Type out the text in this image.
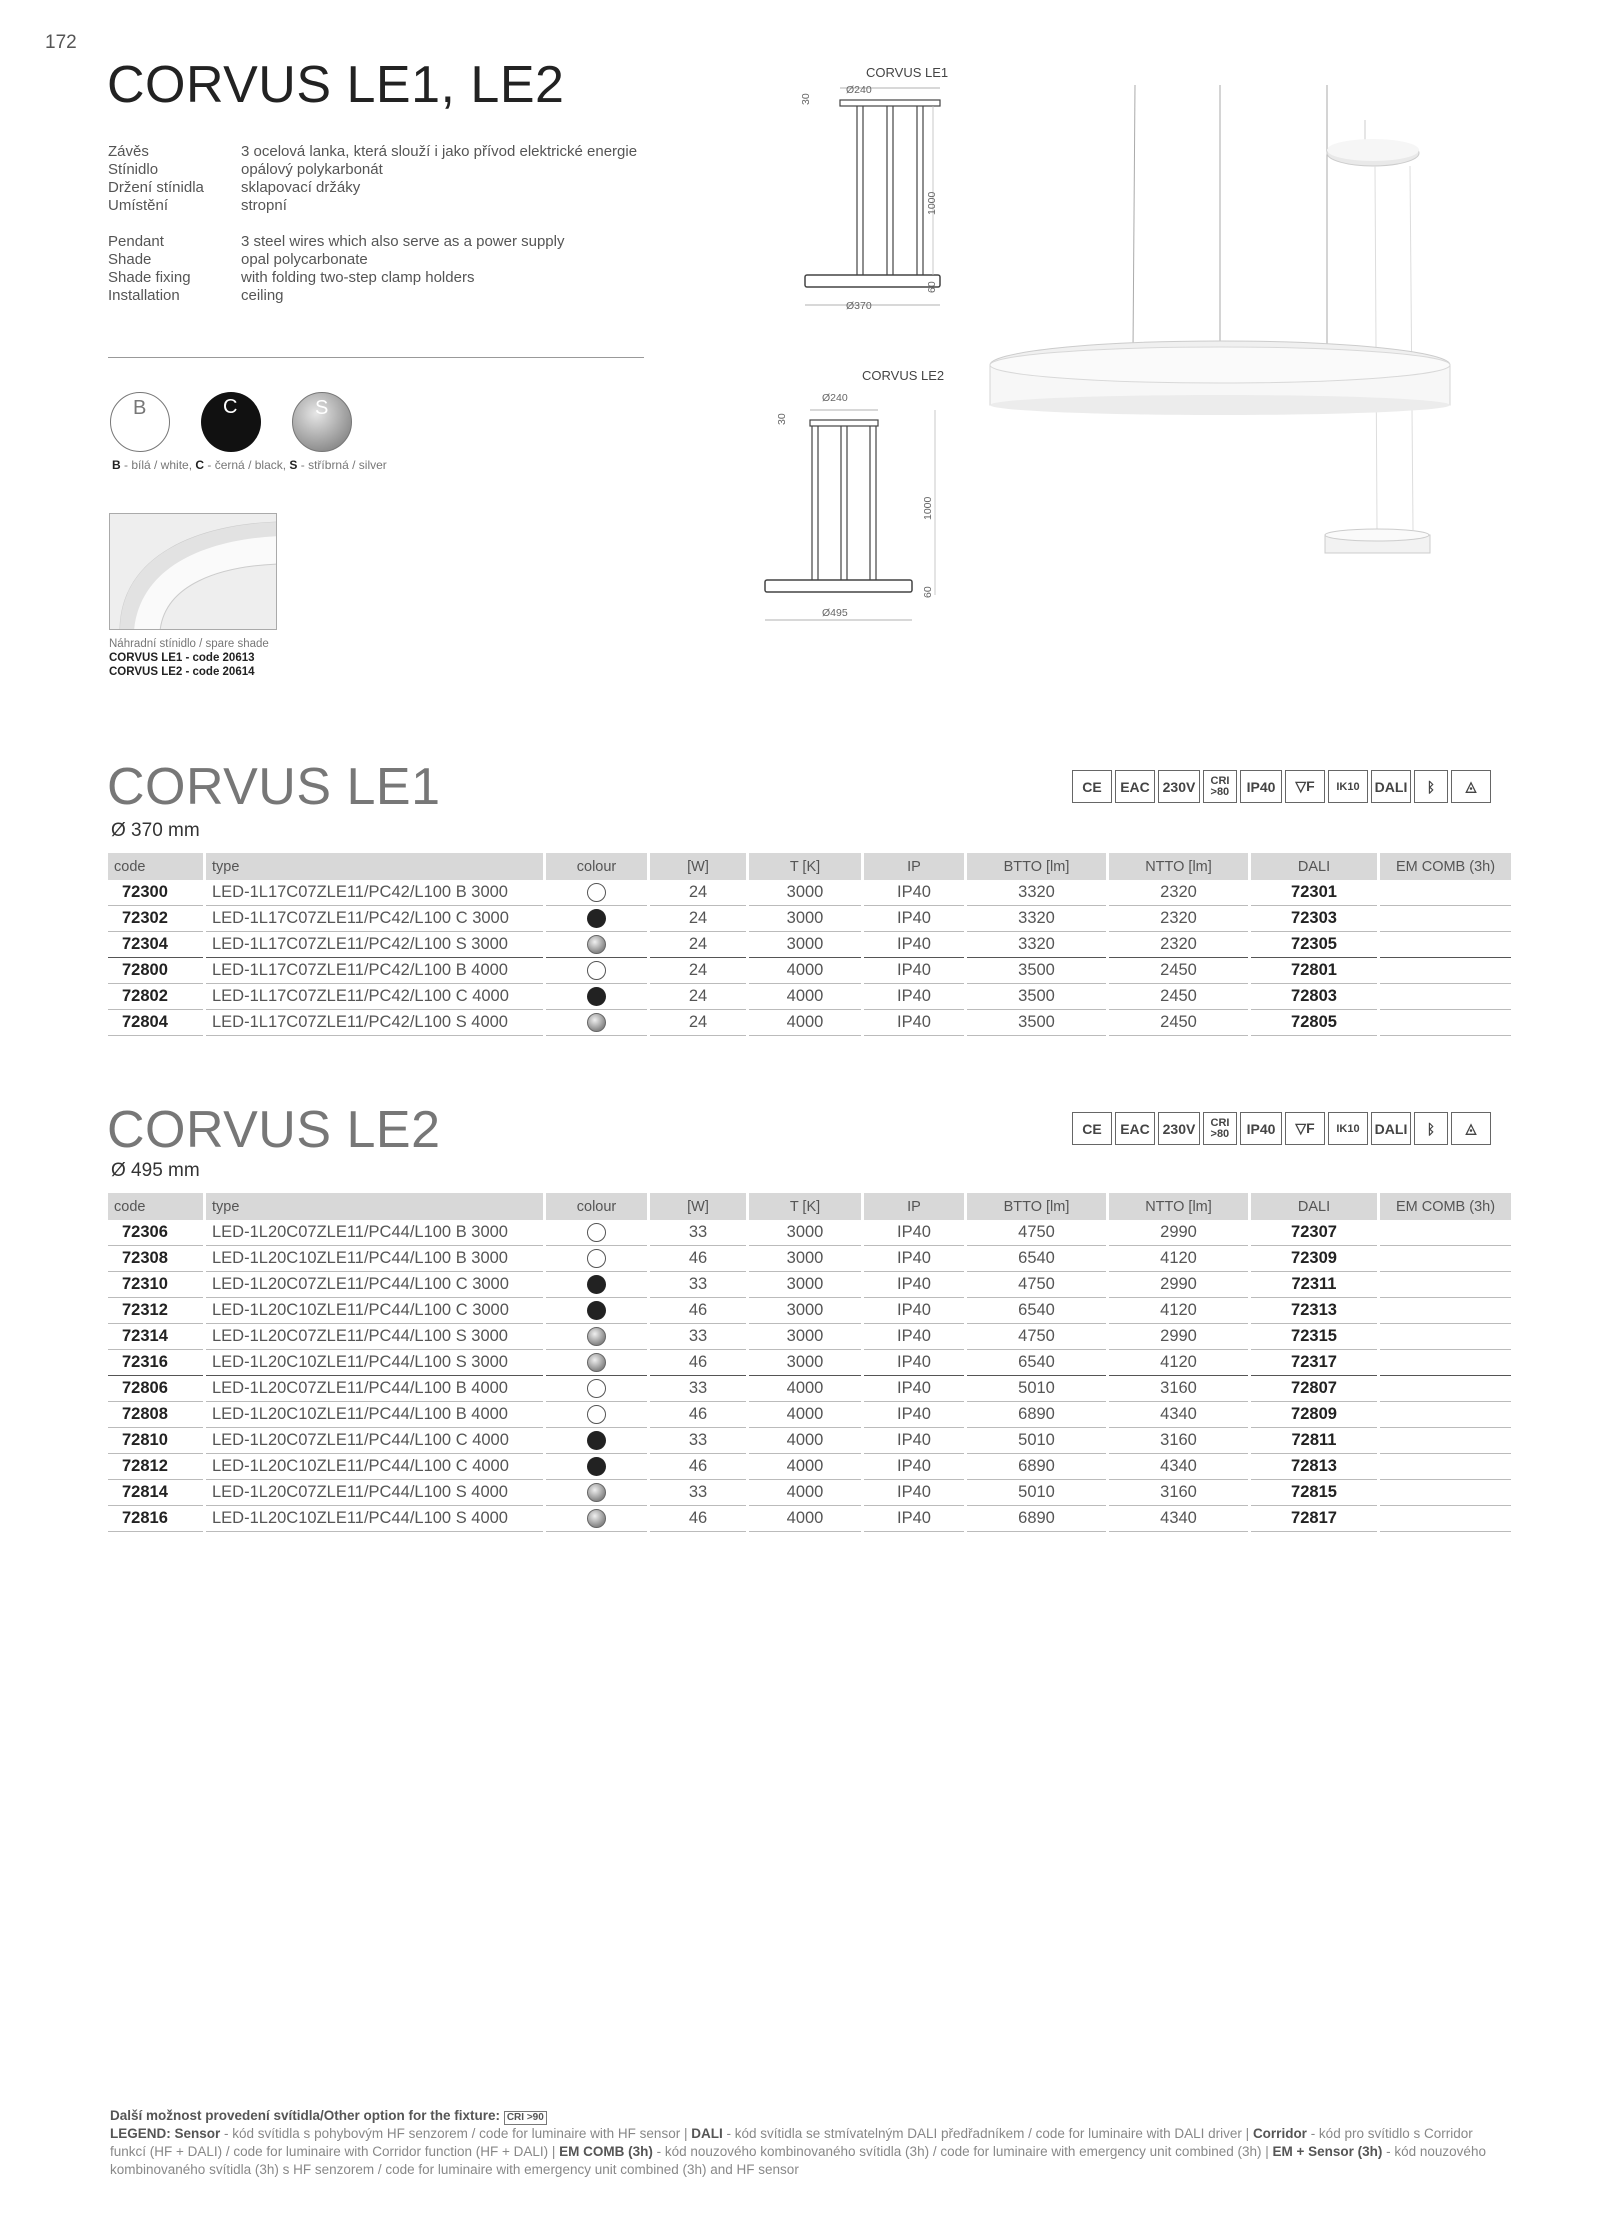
172
CORVUS LE1, LE2
Závěs	3 ocelová lanka, která slouží i jako přívod elektrické energie
Stínidlo	opálový polykarbonát
Držení stínidla	sklapovací držáky
Umístění	stropní
Pendant	3 steel wires which also serve as a power supply
Shade	opal polycarbonate
Shade fixing	with folding two-step clamp holders
Installation	ceiling
B	C	S
B - bílá / white, C - černá / black, S - stříbrná / silver
Náhradní stínidlo / spare shade
CORVUS LE1 - code 20613
CORVUS LE2 - code 20614
CORVUS LE1
Ø240
Ø370
30
1000
60
CORVUS LE2
Ø240
Ø495
30
1000
60
CORVUS LE1
Ø 370 mm
CE	EAC 230V	CRI
>80	IP40	▽F	IK10	DALI	ᛒ	◬
code	type	colour	[W]	T [K]	IP	BTTO [lm]	NTTO [lm]	DALI	EM COMB (3h)
72300	LED-1L17C07ZLE11/PC42/L100 B 3000		24	3000	IP40	3320	2320	72301	
72302	LED-1L17C07ZLE11/PC42/L100 C 3000		24	3000	IP40	3320	2320	72303	
72304	LED-1L17C07ZLE11/PC42/L100 S 3000		24	3000	IP40	3320	2320	72305	
72800	LED-1L17C07ZLE11/PC42/L100 B 4000		24	4000	IP40	3500	2450	72801	
72802	LED-1L17C07ZLE11/PC42/L100 C 4000		24	4000	IP40	3500	2450	72803	
72804	LED-1L17C07ZLE11/PC42/L100 S 4000		24	4000	IP40	3500	2450	72805	
CORVUS LE2
Ø 495 mm
CE	EAC 230V	CRI
>80	IP40	▽F	IK10	DALI	ᛒ	◬
code	type	colour	[W]	T [K]	IP	BTTO [lm]	NTTO [lm]	DALI	EM COMB (3h)
72306	LED-1L20C07ZLE11/PC44/L100 B 3000		33	3000	IP40	4750	2990	72307	
72308	LED-1L20C10ZLE11/PC44/L100 B 3000		46	3000	IP40	6540	4120	72309	
72310	LED-1L20C07ZLE11/PC44/L100 C 3000		33	3000	IP40	4750	2990	72311	
72312	LED-1L20C10ZLE11/PC44/L100 C 3000		46	3000	IP40	6540	4120	72313	
72314	LED-1L20C07ZLE11/PC44/L100 S 3000		33	3000	IP40	4750	2990	72315	
72316	LED-1L20C10ZLE11/PC44/L100 S 3000		46	3000	IP40	6540	4120	72317	
72806	LED-1L20C07ZLE11/PC44/L100 B 4000		33	4000	IP40	5010	3160	72807	
72808	LED-1L20C10ZLE11/PC44/L100 B 4000		46	4000	IP40	6890	4340	72809	
72810	LED-1L20C07ZLE11/PC44/L100 C 4000		33	4000	IP40	5010	3160	72811	
72812	LED-1L20C10ZLE11/PC44/L100 C 4000		46	4000	IP40	6890	4340	72813	
72814	LED-1L20C07ZLE11/PC44/L100 S 4000		33	4000	IP40	5010	3160	72815	
72816	LED-1L20C10ZLE11/PC44/L100 S 4000		46	4000	IP40	6890	4340	72817	
Další možnost provedení svítidla/Other option for the fixture: CRI >90
LEGEND: Sensor - kód svítidla s pohybovým HF senzorem / code for luminaire with HF sensor | DALI - kód svítidla se stmívatelným DALI předřadníkem / code for luminaire with DALI driver | Corridor - kód pro svítidlo s Corridor funkcí (HF + DALI) / code for luminaire with Corridor function (HF + DALI) | EM COMB (3h) - kód nouzového kombinovaného svítidla (3h) / code for luminaire with emergency unit combined (3h) | EM + Sensor (3h) - kód nouzového kombinovaného svítidla (3h) s HF senzorem / code for luminaire with emergency unit combined (3h) and HF sensor
